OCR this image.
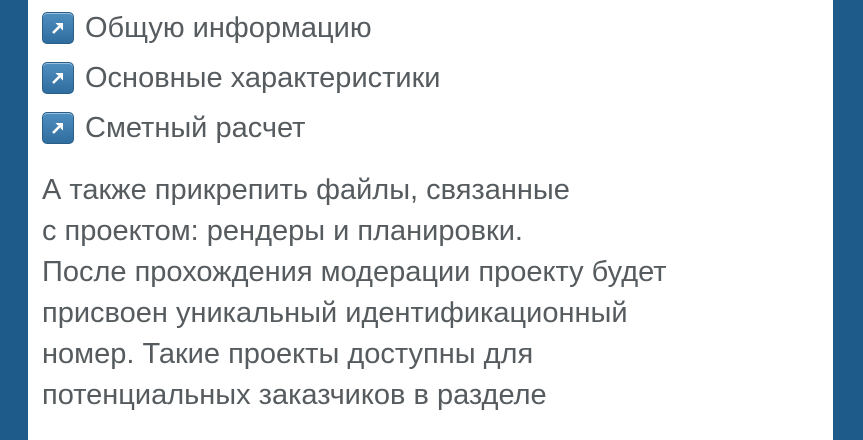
Общую информацию
Основные характеристики
Сметный расчет
А также прикрепить файлы, связанные
с проектом: рендеры и планировки.
После прохождения модерации проекту будет
присвоен уникальный идентификационный
номер. Такие проекты доступны для
потенциальных заказчиков в разделе
